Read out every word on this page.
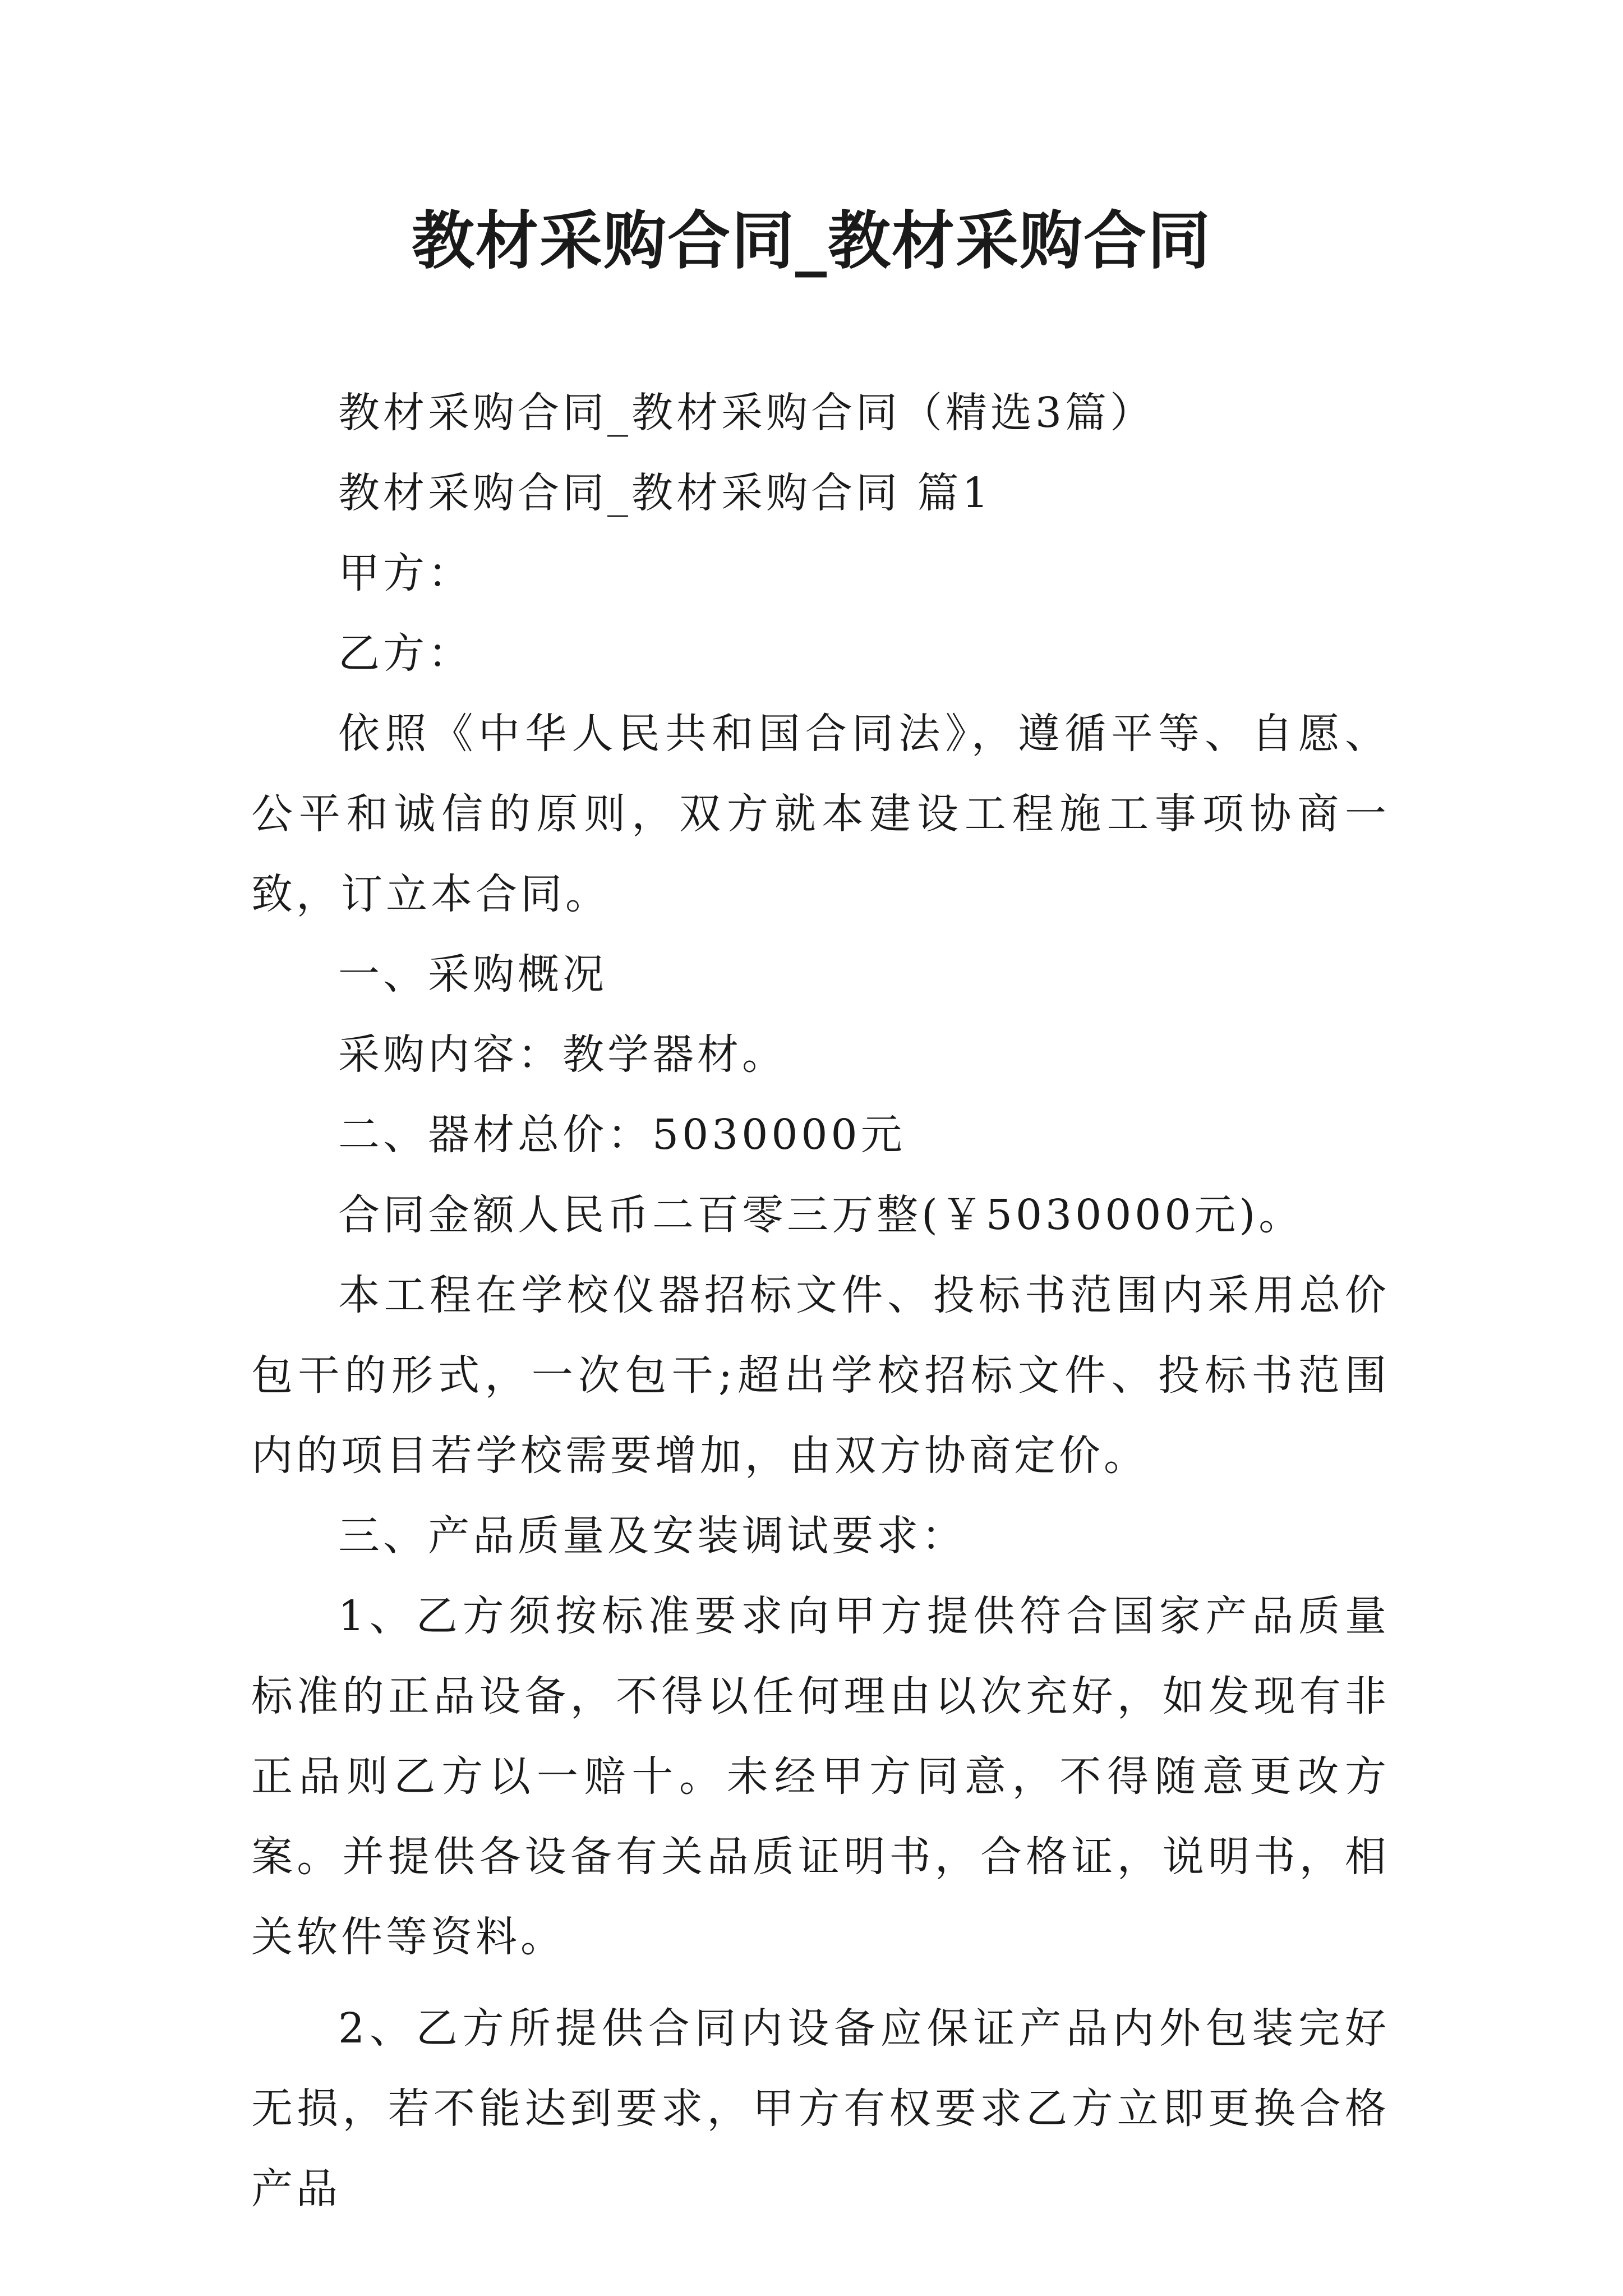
教材采购合同_教材采购合同

教材采购合同_教材采购合同（精选3篇）

教材采购合同_教材采购合同 篇1

甲方：

乙方：

依照《中华人民共和国合同法》，遵循平等、自愿、公平和诚信的原则，双方就本建设工程施工事项协商一致，订立本合同。

一、采购概况

采购内容：教学器材。

二、器材总价：5030000元

合同金额人民币二百零三万整(￥5030000元)。

本工程在学校仪器招标文件、投标书范围内采用总价包干的形式，一次包干;超出学校招标文件、投标书范围内的项目若学校需要增加，由双方协商定价。

三、产品质量及安装调试要求：

1、乙方须按标准要求向甲方提供符合国家产品质量标准的正品设备，不得以任何理由以次充好，如发现有非正品则乙方以一赔十。未经甲方同意，不得随意更改方案。并提供各设备有关品质证明书，合格证，说明书，相关软件等资料。

2、乙方所提供合同内设备应保证产品内外包装完好无损，若不能达到要求，甲方有权要求乙方立即更换合格产品
